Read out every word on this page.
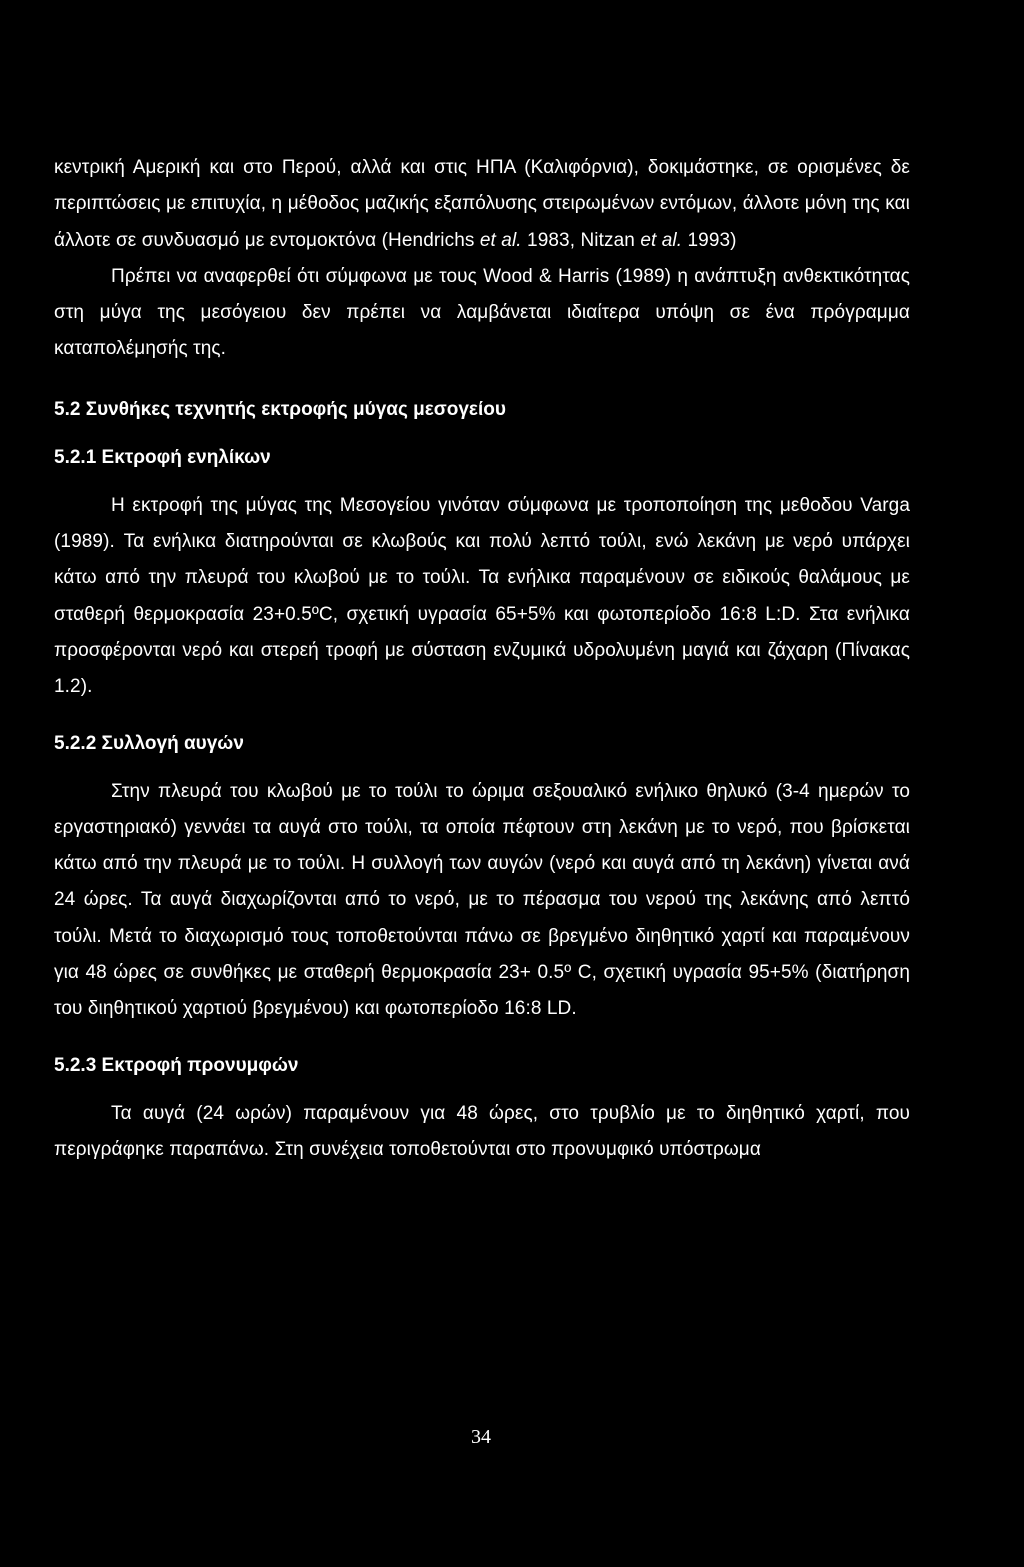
κεντρική Αμερική και στο Περού, αλλά και στις ΗΠΑ (Καλιφόρνια), δοκιμάστηκε, σε ορισμένες δε περιπτώσεις με επιτυχία, η μέθοδος μαζικής εξαπόλυσης στειρωμένων εντόμων, άλλοτε μόνη της και άλλοτε σε συνδυασμό με εντομοκτόνα (Hendrichs et al. 1983, Nitzan et al. 1993)

Πρέπει να αναφερθεί ότι σύμφωνα με τους Wood & Harris (1989) η ανάπτυξη ανθεκτικότητας στη μύγα της μεσόγειου δεν πρέπει να λαμβάνεται ιδιαίτερα υπόψη σε ένα πρόγραμμα καταπολέμησής της.

5.2 Συνθήκες τεχνητής εκτροφής μύγας μεσογείου
5.2.1 Εκτροφή ενηλίκων

Η εκτροφή της μύγας της Μεσογείου γινόταν σύμφωνα με τροποποίηση της μεθοδου Varga (1989). Τα ενήλικα διατηρούνται σε κλωβούς και πολύ λεπτό τούλι, ενώ λεκάνη με νερό υπάρχει κάτω από την πλευρά του κλωβού με το τούλι. Τα ενήλικα παραμένουν σε ειδικούς θαλάμους με σταθερή θερμοκρασία 23+0.5ºC, σχετική υγρασία 65+5% και φωτοπερίοδο 16:8 L:D. Στα ενήλικα προσφέρονται νερό και στερεή τροφή με σύσταση ενζυμικά υδρολυμένη μαγιά και ζάχαρη (Πίνακας 1.2).

5.2.2 Συλλογή αυγών

Στην πλευρά του κλωβού με το τούλι το ώριμα σεξουαλικό ενήλικο θηλυκό (3-4 ημερών το εργαστηριακό) γεννάει τα αυγά στο τούλι, τα οποία πέφτουν στη λεκάνη με το νερό, που βρίσκεται κάτω από την πλευρά με το τούλι. Η συλλογή των αυγών (νερό και αυγά από τη λεκάνη) γίνεται ανά 24 ώρες. Τα αυγά διαχωρίζονται από το νερό, με το πέρασμα του νερού της λεκάνης από λεπτό τούλι. Μετά το διαχωρισμό τους τοποθετούνται πάνω σε βρεγμένο διηθητικό χαρτί και παραμένουν για 48 ώρες σε συνθήκες με σταθερή θερμοκρασία 23+ 0.5º C, σχετική υγρασία 95+5% (διατήρηση του διηθητικού χαρτιού βρεγμένου) και φωτοπερίοδο 16:8 LD.

5.2.3 Εκτροφή προνυμφών

Τα αυγά (24 ωρών) παραμένουν για 48 ώρες, στο τρυβλίο με το διηθητικό χαρτί, που περιγράφηκε παραπάνω. Στη συνέχεια τοποθετούνται στο προνυμφικό υπόστρωμα

34
